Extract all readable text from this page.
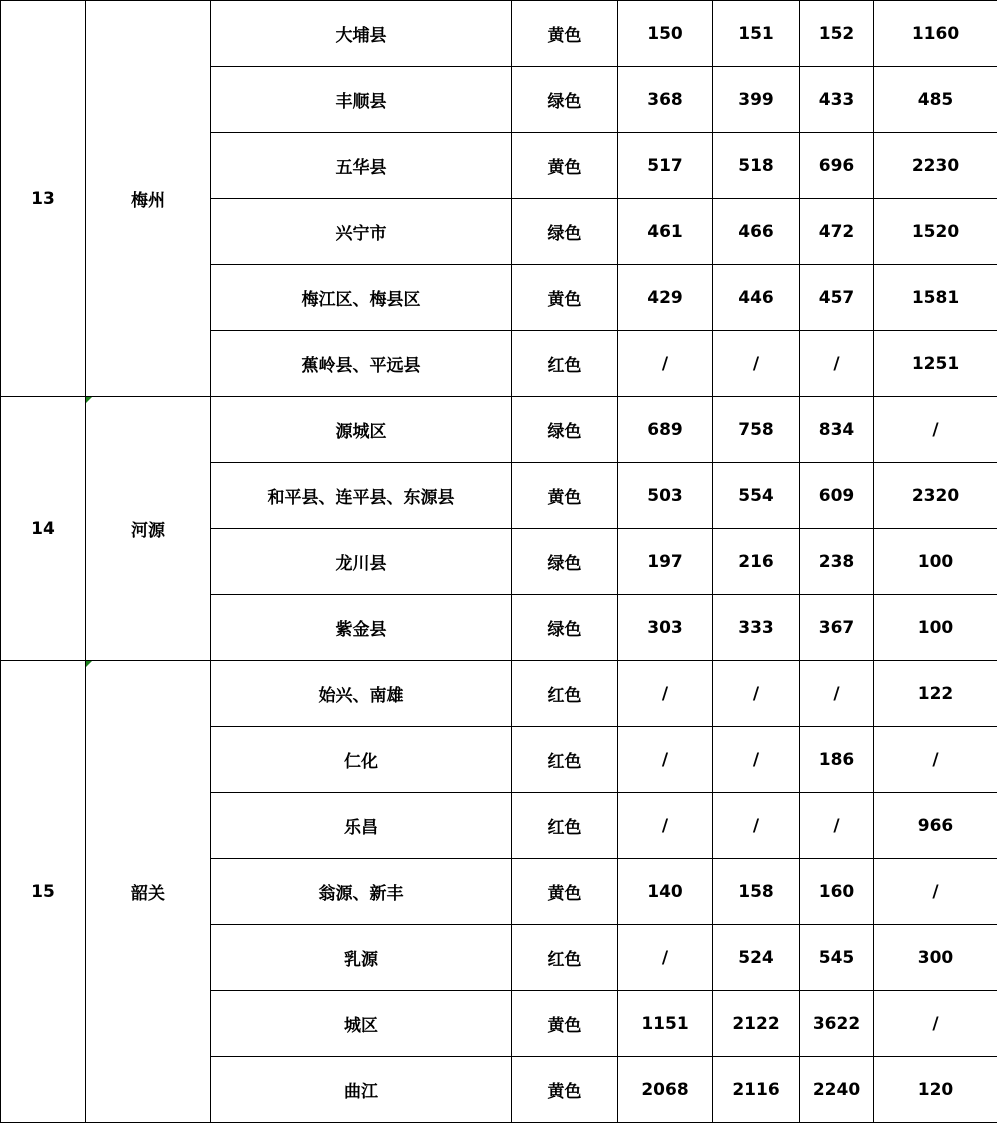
13	梅州	大埔县	黄色	150	151	152	1160
		丰顺县	绿色	368	399	433	485
		五华县	黄色	517	518	696	2230
		兴宁市	绿色	461	466	472	1520
		梅江区、梅县区	黄色	429	446	457	1581
		蕉岭县、平远县	红色	/	/	/	1251
14	河源	源城区	绿色	689	758	834	/
		和平县、连平县、东源县	黄色	503	554	609	2320
		龙川县	绿色	197	216	238	100
		紫金县	绿色	303	333	367	100
15	韶关	始兴、南雄	红色	/	/	/	122
		仁化	红色	/	/	186	/
		乐昌	红色	/	/	/	966
		翁源、新丰	黄色	140	158	160	/
		乳源	红色	/	524	545	300
		城区	黄色	1151	2122	3622	/
		曲江	黄色	2068	2116	2240	120
